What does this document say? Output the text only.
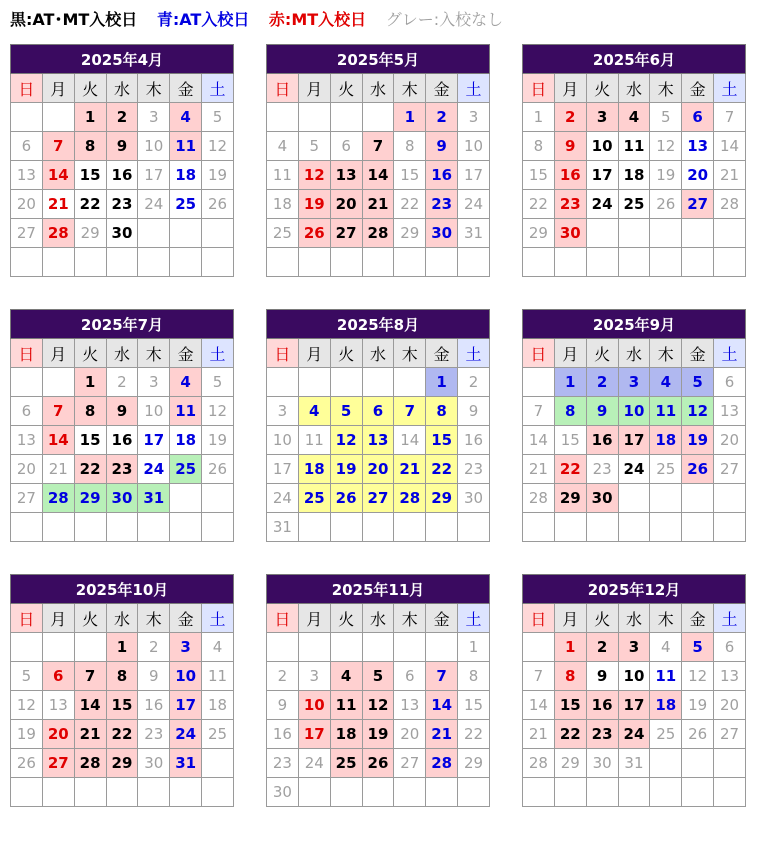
黒:AT･MT入校日 青:AT入校日 赤:MT入校日 グレー:入校なし
2025年4月						
日	月	火	水	木	金	土
		1	2	3	4	5
6	7	8	9	10	11	12
13	14	15	16	17	18	19
20	21	22	23	24	25	26
27	28	29	30			

2025年5月						
日	月	火	水	木	金	土
				1	2	3
4	5	6	7	8	9	10
11	12	13	14	15	16	17
18	19	20	21	22	23	24
25	26	27	28	29	30	31

2025年6月						
日	月	火	水	木	金	土
1	2	3	4	5	6	7
8	9	10	11	12	13	14
15	16	17	18	19	20	21
22	23	24	25	26	27	28
29	30					

2025年7月						
日	月	火	水	木	金	土
		1	2	3	4	5
6	7	8	9	10	11	12
13	14	15	16	17	18	19
20	21	22	23	24	25	26
27	28	29	30	31		

2025年8月						
日	月	火	水	木	金	土
					1	2
3	4	5	6	7	8	9
10	11	12	13	14	15	16
17	18	19	20	21	22	23
24	25	26	27	28	29	30
31						
2025年9月						
日	月	火	水	木	金	土
	1	2	3	4	5	6
7	8	9	10	11	12	13
14	15	16	17	18	19	20
21	22	23	24	25	26	27
28	29	30				

2025年10月						
日	月	火	水	木	金	土
			1	2	3	4
5	6	7	8	9	10	11
12	13	14	15	16	17	18
19	20	21	22	23	24	25
26	27	28	29	30	31	

2025年11月						
日	月	火	水	木	金	土
						1
2	3	4	5	6	7	8
9	10	11	12	13	14	15
16	17	18	19	20	21	22
23	24	25	26	27	28	29
30						
2025年12月						
日	月	火	水	木	金	土
	1	2	3	4	5	6
7	8	9	10	11	12	13
14	15	16	17	18	19	20
21	22	23	24	25	26	27
28	29	30	31			
